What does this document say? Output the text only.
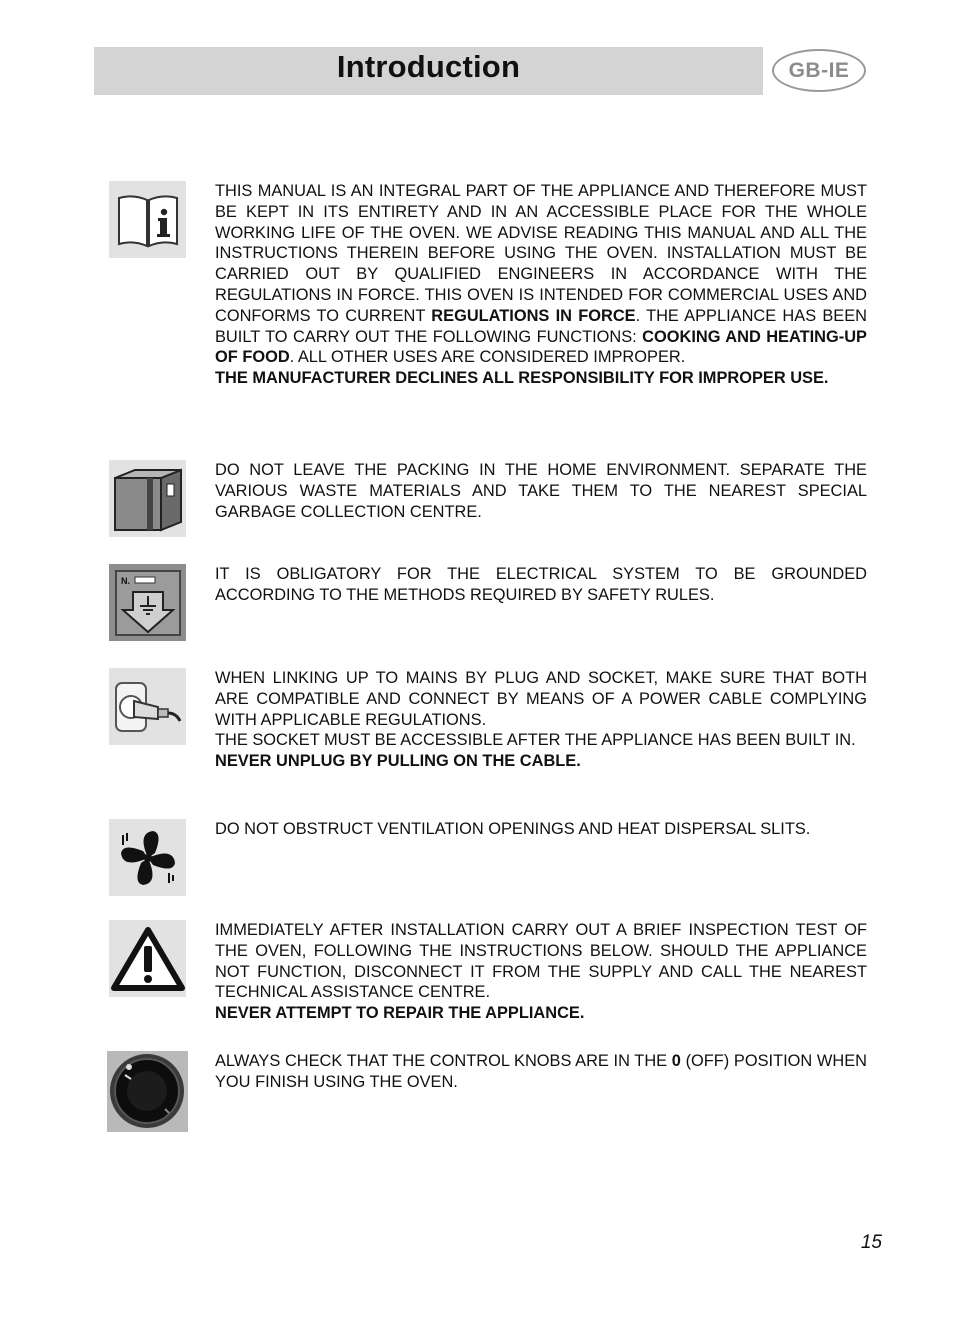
Introduction	GB-IE

THIS MANUAL IS AN INTEGRAL PART OF THE APPLIANCE AND THEREFORE MUST BE KEPT IN ITS ENTIRETY AND IN AN ACCESSIBLE PLACE FOR THE WHOLE WORKING LIFE OF THE OVEN. WE ADVISE READING THIS MANUAL AND ALL THE INSTRUCTIONS THEREIN BEFORE USING THE OVEN. INSTALLATION MUST BE CARRIED OUT BY QUALIFIED ENGINEERS IN ACCORDANCE WITH THE REGULATIONS IN FORCE. THIS OVEN IS INTENDED FOR COMMERCIAL USES AND CONFORMS TO CURRENT REGULATIONS IN FORCE. THE APPLIANCE HAS BEEN BUILT TO CARRY OUT THE FOLLOWING FUNCTIONS: COOKING AND HEATING-UP OF FOOD. ALL OTHER USES ARE CONSIDERED IMPROPER.

THE MANUFACTURER DECLINES ALL RESPONSIBILITY FOR IMPROPER USE.

DO NOT LEAVE THE PACKING IN THE HOME ENVIRONMENT. SEPARATE THE VARIOUS WASTE MATERIALS AND TAKE THEM TO THE NEAREST SPECIAL GARBAGE COLLECTION CENTRE.

N.	IT IS OBLIGATORY FOR THE ELECTRICAL SYSTEM TO BE GROUNDED ACCORDING TO THE METHODS REQUIRED BY SAFETY RULES.

WHEN LINKING UP TO MAINS BY PLUG AND SOCKET, MAKE SURE THAT BOTH ARE COMPATIBLE AND CONNECT BY MEANS OF A POWER CABLE COMPLYING WITH APPLICABLE REGULATIONS.

THE SOCKET MUST BE ACCESSIBLE AFTER THE APPLIANCE HAS BEEN BUILT IN.

NEVER UNPLUG BY PULLING ON THE CABLE.

DO NOT OBSTRUCT VENTILATION OPENINGS AND HEAT DISPERSAL SLITS.

IMMEDIATELY AFTER INSTALLATION CARRY OUT A BRIEF INSPECTION TEST OF THE OVEN, FOLLOWING THE INSTRUCTIONS BELOW. SHOULD THE APPLIANCE NOT FUNCTION, DISCONNECT IT FROM THE SUPPLY AND CALL THE NEAREST TECHNICAL ASSISTANCE CENTRE.

NEVER ATTEMPT TO REPAIR THE APPLIANCE.

ALWAYS CHECK THAT THE CONTROL KNOBS ARE IN THE 0 (OFF) POSITION WHEN YOU FINISH USING THE OVEN.

15
